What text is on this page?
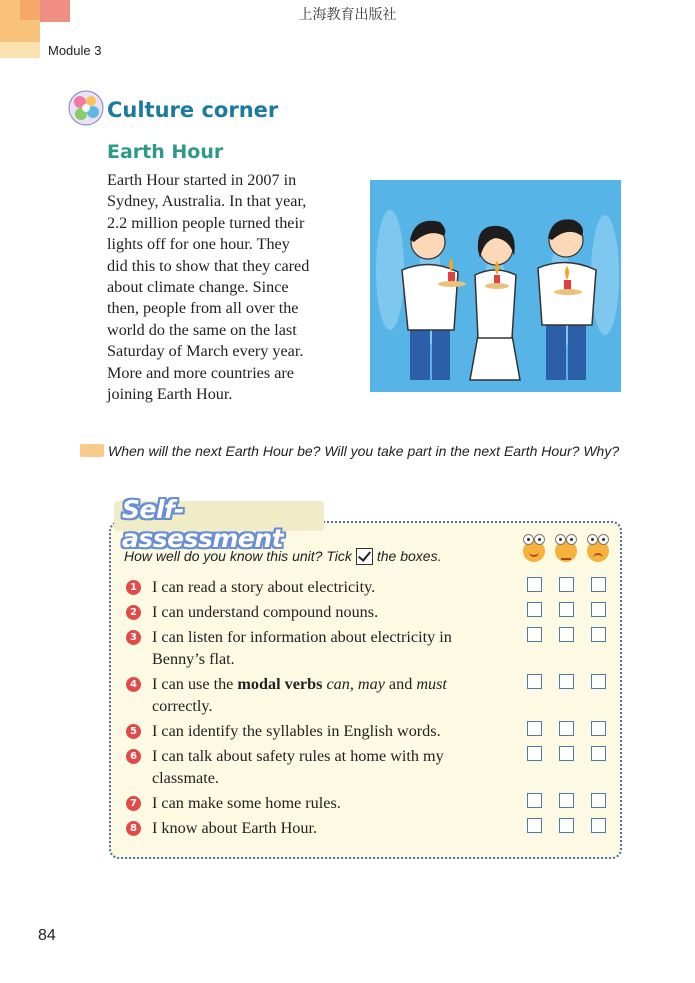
上海教育出版社
Module 3
Culture corner
Earth Hour
Earth Hour started in 2007 in
Sydney, Australia. In that year,
2.2 million people turned their
lights off for one hour. They
did this to show that they cared
about climate change. Since
then, people from all over the
world do the same on the last
Saturday of March every year.
More and more countries are
joining Earth Hour.
When will the next Earth Hour be? Will you take part in the next Earth Hour? Why?
Self-assessment
How well do you know this unit? Tick the boxes.
1 I can read a story about electricity.
2 I can understand compound nouns.
3 I can listen for information about electricity in
Benny’s flat.
4 I can use the modal verbs can, may and must
correctly.
5 I can identify the syllables in English words.
6 I can talk about safety rules at home with my
classmate.
7 I can make some home rules.
8 I know about Earth Hour.
84
